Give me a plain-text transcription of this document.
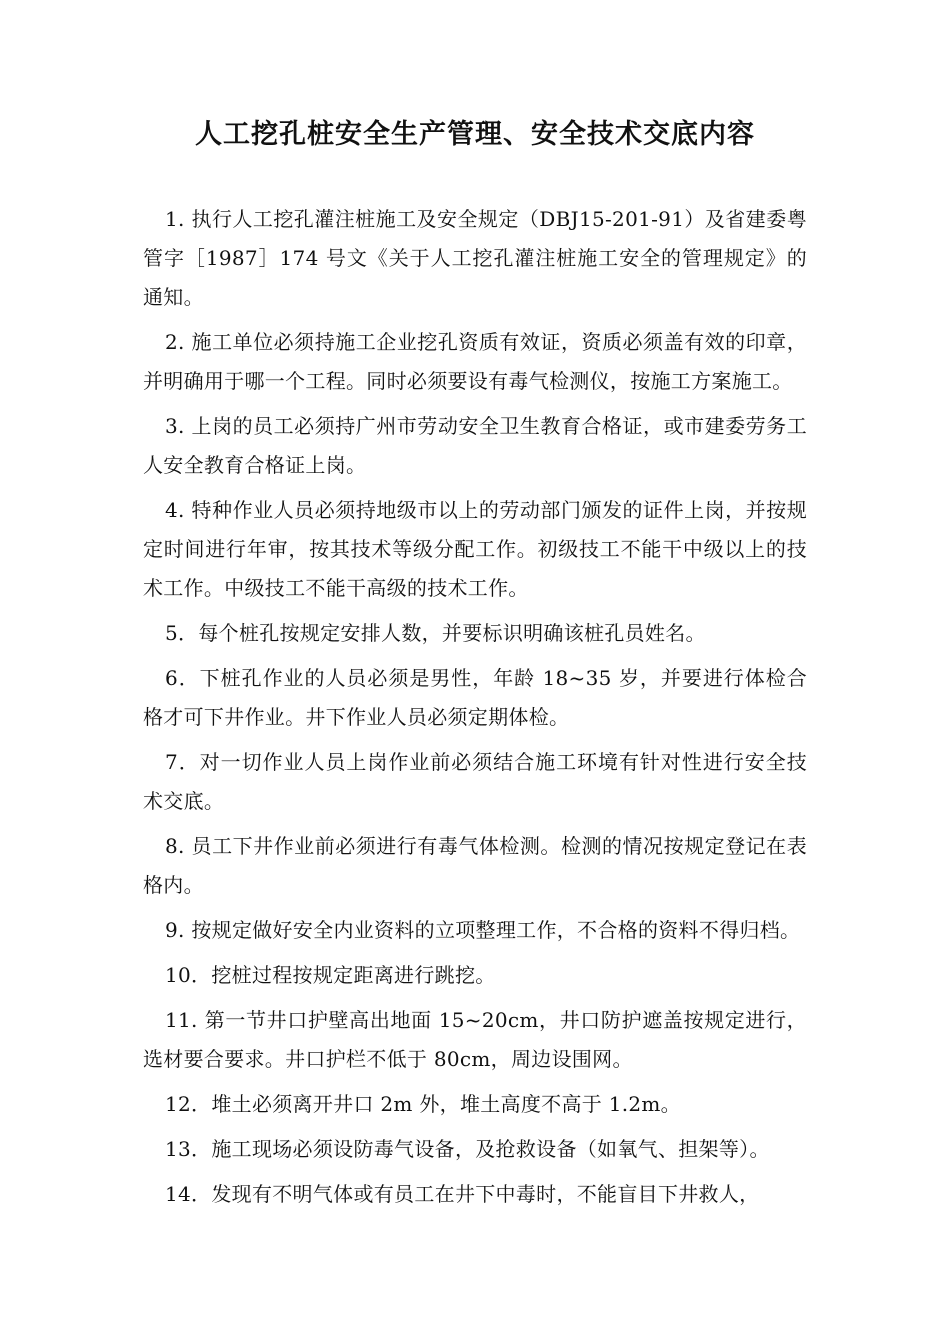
人工挖孔桩安全生产管理、安全技术交底内容

1. 执行人工挖孔灌注桩施工及安全规定（DBJ15-201-91）及省建委粤管字［1987］174 号文《关于人工挖孔灌注桩施工安全的管理规定》的通知。

2. 施工单位必须持施工企业挖孔资质有效证，资质必须盖有效的印章，并明确用于哪一个工程。同时必须要设有毒气检测仪，按施工方案施工。

3. 上岗的员工必须持广州市劳动安全卫生教育合格证，或市建委劳务工人安全教育合格证上岗。

4. 特种作业人员必须持地级市以上的劳动部门颁发的证件上岗，并按规定时间进行年审，按其技术等级分配工作。初级技工不能干中级以上的技术工作。中级技工不能干高级的技术工作。

5．每个桩孔按规定安排人数，并要标识明确该桩孔员姓名。

6．下桩孔作业的人员必须是男性，年龄 18~35 岁，并要进行体检合格才可下井作业。井下作业人员必须定期体检。

7．对一切作业人员上岗作业前必须结合施工环境有针对性进行安全技术交底。

8. 员工下井作业前必须进行有毒气体检测。检测的情况按规定登记在表格内。

9. 按规定做好安全内业资料的立项整理工作，不合格的资料不得归档。

10．挖桩过程按规定距离进行跳挖。

11. 第一节井口护壁高出地面 15~20cm，井口防护遮盖按规定进行，选材要合要求。井口护栏不低于 80cm，周边设围网。

12．堆土必须离开井口 2m 外，堆土高度不高于 1.2m。

13．施工现场必须设防毒气设备，及抢救设备（如氧气、担架等）。

14．发现有不明气体或有员工在井下中毒时，不能盲目下井救人，
